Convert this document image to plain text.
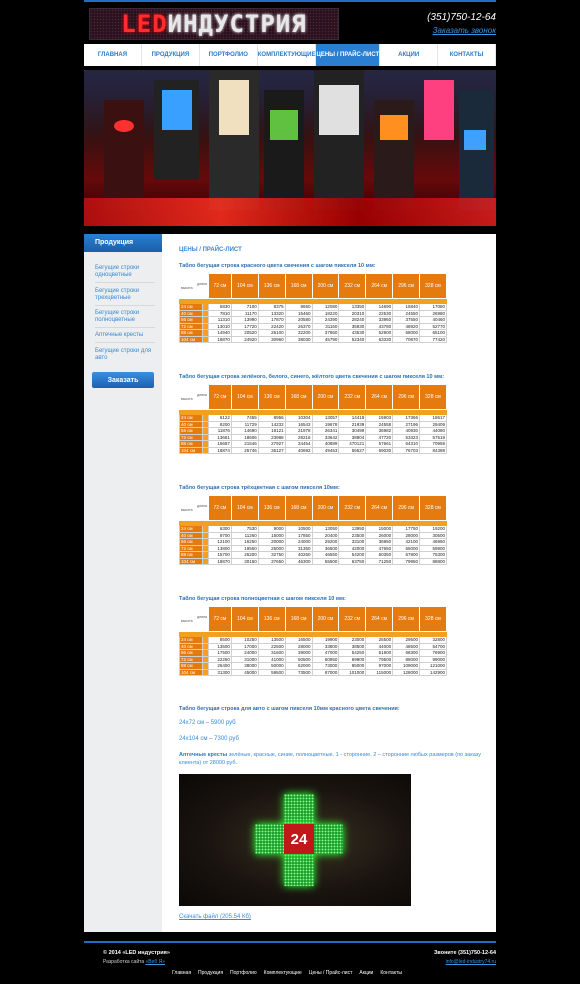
LED ИНДУСТРИЯ	(351)750-12-64
Заказать звонок
ГЛАВНАЯ	ПРОДУКЦИЯ	ПОРТФОЛИО	КОМПЛЕКТУЮЩИЕ ЦЕНЫ / ПРАЙС-ЛИСТ	АКЦИИ	КОНТАКТЫ
Продукция
Бегущие строки одноцветные
Бегущие строки трехцветные
Бегущие строки полноцветные
Аптечные кресты
Бегущие строки для авто
Заказать
ЦЕНЫ / ПРАЙС-ЛИСТ
Табло бегущая строка красного цвета свечения с шагом пикселя 10 мм:
длина
высота		72 см	104 см	136 см	168 см	200 см	232 см	264 см	296 см	328 см

24 см		5830	7100	8375	9650	12080	13350	14690	15840	17080
40 см		7810	11170	13320	15460	18220	20310	22530	24550	26980
56 см		11310	13990	17870	20580	24390	28240	33960	37550	40460
72 см		13010	17720	22420	26370	31160	35930	43780	48920	52770
88 см		14940	20520	26100	32200	37860	43530	52900	58000	65100
104 см		18870	24920	30960	38030	45790	52340	63330	70870	77420
Табло бегущая строка зелёного, белого, синего, жёлтого цвета свечения с шагом пикселя 10 мм:
длина
высота		72 см	104 см	136 см	168 см	200 см	232 см	264 см	296 см	328 см

24 см		6122	7455	8956	10304	13057	14418	15903	17366	18617
40 см		8200	11729	14232	16543	19678	21939	24558	27196	29409
56 см		11876	14690	19121	21978	26341	30499	36982	40930	44080
72 см		13661	18606	23988	28216	33642	38804	47720	53323	57519
88 см		15687	21546	27927	34454	40889	470121	57661	64310	70959
104 см		18874	25746	35127	40692	49453	56527	69030	76703	84388
Табло бегущая строка трёхцветная с шагом пикселя 10мм:
длина
высота		72 см	104 см	136 см	168 см	200 см	232 см	264 см	296 см	328 см

24 см		6300	7530	9000	10500	13050	13950	15000	17750	19200
40 см		8700	11260	15000	17850	20400	23500	26000	28000	30500
56 см		12100	16250	20000	24000	29200	33100	36950	42100	46950
72 см		13800	19550	25000	31350	36500	42000	47650	55000	59900
88 см		15700	25200	32750	40250	46550	54200	60350	67800	75300
104 см		18870	30150	37650	46300	55500	63750	71250	79950	88800
Табло бегущая строка полноцветная с шагом пикселя 10 мм:
длина
высота		72 см	104 см	136 см	168 см	200 см	232 см	264 см	296 см	328 см

24 см		8500	10250	13500	16500	19900	23000	26500	29500	32800
40 см		13500	17000	22500	28000	33800	38500	44000	48500	54700
56 см		17500	24000	31600	39000	47000	54250	61900	68300	76900
72 см		22250	31000	41000	50500	60950	69900	79500	88000	99000
88 см		26400	38000	50000	62000	73000	85000	97000	109000	121000
104 см		31300	45000	59500	73500	87000	101000	115000	128000	142900
Табло бегущая строка для авто с шагом пикселя 10мм красного цвета свечения:
24х72 см – 5900 руб
24х104 см – 7300 руб
Аптечные кресты зелёные, красные, синие, полноцветные. 1 - сторонние, 2 – сторонние любых размеров (по заказу клиента) от 28000 руб.
24
Скачать файл (205.54 Кб)
© 2014 «LED индустрия»
Разработка сайта «Веб Я»
Звоните (351)750-12-64
info@led-industry74.ru
Главная Продукция Портфолио Комплектующие Цены / Прайс-лист Акции Контакты
